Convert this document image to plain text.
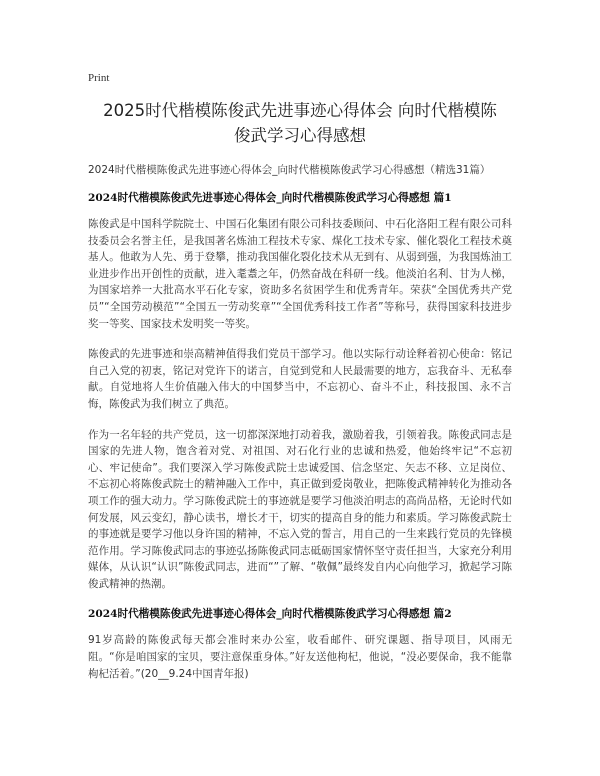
Print
2025时代楷模陈俊武先进事迹心得体会 向时代楷模陈
俊武学习心得感想

2024时代楷模陈俊武先进事迹心得体会_向时代楷模陈俊武学习心得感想（精选31篇）

2024时代楷模陈俊武先进事迹心得体会_向时代楷模陈俊武学习心得感想 篇1

陈俊武是中国科学院院士、中国石化集团有限公司科技委顾问、中石化洛阳工程有限公司科技委员会名誉主任，是我国著名炼油工程技术专家、煤化工技术专家、催化裂化工程技术奠基人。他敢为人先、勇于登攀，推动我国催化裂化技术从无到有、从弱到强，为我国炼油工业进步作出开创性的贡献，进入耄耋之年，仍然奋战在科研一线。他淡泊名利、甘为人梯，为国家培养一大批高水平石化专家，资助多名贫困学生和优秀青年。荣获“全国优秀共产党员”“全国劳动模范”“全国五一劳动奖章”“全国优秀科技工作者”等称号，获得国家科技进步奖一等奖、国家技术发明奖一等奖。

陈俊武的先进事迹和崇高精神值得我们党员干部学习。他以实际行动诠释着初心使命：铭记自己入党的初衷，铭记对党许下的诺言，自觉到党和人民最需要的地方，忘我奋斗、无私奉献。自觉地将人生价值融入伟大的中国梦当中，不忘初心、奋斗不止，科技报国、永不言悔，陈俊武为我们树立了典范。

作为一名年轻的共产党员，这一切都深深地打动着我，激励着我，引领着我。陈俊武同志是国家的先进人物，饱含着对党、对祖国、对石化行业的忠诚和热爱，他始终牢记“不忘初心、牢记使命”。我们要深入学习陈俊武院士忠诚爱国、信念坚定、矢志不移、立足岗位、不忘初心将陈俊武院士的精神融入工作中，真正做到爱岗敬业，把陈俊武精神转化为推动各项工作的强大动力。学习陈俊武院士的事迹就是要学习他淡泊明志的高尚品格，无论时代如何发展，风云变幻，静心读书，增长才干，切实的提高自身的能力和素质。学习陈俊武院士的事迹就是要学习他以身许国的精神，不忘入党的誓言，用自己的一生来践行党员的先锋模范作用。学习陈俊武同志的事迹弘扬陈俊武同志砥砺国家情怀坚守责任担当，大家充分利用媒体，从认识“认识”陈俊武同志，进而“”了解、“敬佩”最终发自内心向他学习，掀起学习陈俊武精神的热潮。

2024时代楷模陈俊武先进事迹心得体会_向时代楷模陈俊武学习心得感想 篇2

91岁高龄的陈俊武每天都会准时来办公室，收看邮件、研究课题、指导项目，风雨无阻。“你是咱国家的宝贝，要注意保重身体。”好友送他枸杞，他说，“没必要保命，我不能靠枸杞活着。”(20__9.24中国青年报)
